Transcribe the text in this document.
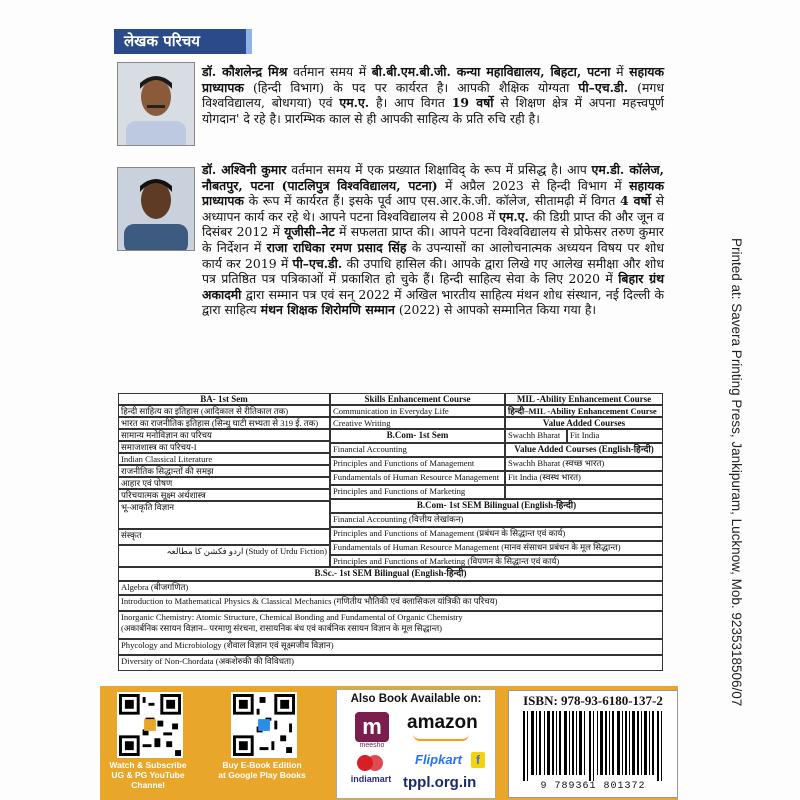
Printed at: Savera Printing Press, Jankipuram, Lucknow, Mob. 9235318506/07
लेखक परिचय
डॉ. कौशलेन्द्र मिश्र वर्तमान समय में बी.बी.एम.बी.जी. कन्या महाविद्यालय, बिहटा, पटना में सहायक प्राध्यापक (हिन्दी विभाग) के पद पर कार्यरत है। आपकी शैक्षिक योग्यता पी–एच.डी. (मगध विश्वविद्यालय, बोधगया) एवं एम.ए. है। आप विगत 19 वर्षो से शिक्षण क्षेत्र में अपना महत्त्वपूर्ण योगदान' दे रहे है। प्रारम्भिक काल से ही आपकी साहित्य के प्रति रुचि रही है।
डॉ. अश्विनी कुमार वर्तमान समय में एक प्रख्यात शिक्षाविद् के रूप में प्रसिद्ध है। आप एम.डी. कॉलेज, नौबतपुर, पटना (पाटलिपुत्र विश्वविद्यालय, पटना) में अप्रैल 2023 से हिन्दी विभाग में सहायक प्राध्यापक के रूप में कार्यरत हैं। इसके पूर्व आप एस.आर.के.जी. कॉलेज, सीतामढ़ी में विगत 4 वर्षो से अध्यापन कार्य कर रहे थे। आपने पटना विश्वविद्यालय से 2008 में एम.ए. की डिग्री प्राप्त की और जून व दिसंबर 2012 में यूजीसी–नेट में सफलता प्राप्त की। आपने पटना विश्वविद्यालय से प्रोफेसर तरुण कुमार के निर्देशन में राजा राधिका रमण प्रसाद सिंह के उपन्यासों का आलोचनात्मक अध्ययन विषय पर शोध कार्य कर 2019 में पी–एच.डी. की उपाधि हासिल की। आपके द्वारा लिखे गए आलेख समीक्षा और शोध पत्र प्रतिष्ठित पत्र पत्रिकाओं में प्रकाशित हो चुके हैं। हिन्दी साहित्य सेवा के लिए 2020 में बिहार ग्रंथ अकादमी द्वारा सम्मान पत्र एवं सन् 2022 में अखिल भारतीय साहित्य मंथन शोध संस्थान, नई दिल्ली के द्वारा साहित्य मंथन शिक्षक शिरोमणि सम्मान (2022) से आपको सम्मानित किया गया है।
BA- 1st Sem
हिन्दी साहित्य का इतिहास (आदिकाल से रीतिकाल तक)
भारत का राजनीतिक इतिहास (सिन्धु घाटी सभ्यता से 319 ई. तक)
सामान्य मनोविज्ञान का परिचय
समाजशास्त्र का परिचय-I
Indian Classical Literature
राजनीतिक सिद्धान्तों की समझ
आहार एवं पोषण
परिचयात्मक सूक्ष्म अर्थशास्त्र
भू-आकृति विज्ञान
संस्कृत
اردو فکشن کا مطالعہ (Study of Urdu Fiction)
Skills Enhancement Course
Communication in Everyday Life
Creative Writing
B.Com- 1st Sem
Financial Accounting
Principles and Functions of Management
Fundamentals of Human Resource Management
Principles and Functions of Marketing
MIL -Ability Enhancement Course
हिन्दी–MIL -Ability Enhancement Course
Value Added Courses
Swachh Bharat	Fit India
Value Added Courses (English-हिन्दी)
Swachh Bharat (स्वच्छ भारत)
Fit India (स्वस्थ भारत)
B.Com- 1st SEM Bilingual (English-हिन्दी)
Financial Accounting (वित्तीय लेखांकन)
Principles and Functions of Management (प्रबंधन के सिद्धान्त एवं कार्य)
Fundamentals of Human Resource Management (मानव संसाधन प्रबंधन के मूल सिद्धान्त)
Principles and Functions of Marketing (विपणन के सिद्धान्त एवं कार्य)
B.Sc.- 1st SEM Bilingual (English-हिन्दी)
Algebra (बीजगणित)
Introduction to Mathematical Physics & Classical Mechanics (गणितीय भौतिकी एवं क्लासिकल यांत्रिकी का परिचय)
Inorganic Chemistry: Atomic Structure, Chemical Bonding and Fundamental of Organic Chemistry
(अकार्बनिक रसायन विज्ञान– परमाणु संरचना, रासायनिक बंध एवं कार्बनिक रसायन विज्ञान के मूल सिद्धान्त)
Phycology and Microbiology (शैवाल विज्ञान एवं सूक्ष्मजीव विज्ञान)
Diversity of Non-Chordata (अकशेरुकी की विविधता)
Watch & Subscribe UG & PG YouTube Channel
Buy E-Book Edition at Google Play Books
Also Book Available on:
m
meesho
amazon
indiamart
Flipkart	f
tppl.org.in
ISBN: 978-93-6180-137-2
9 789361 801372
